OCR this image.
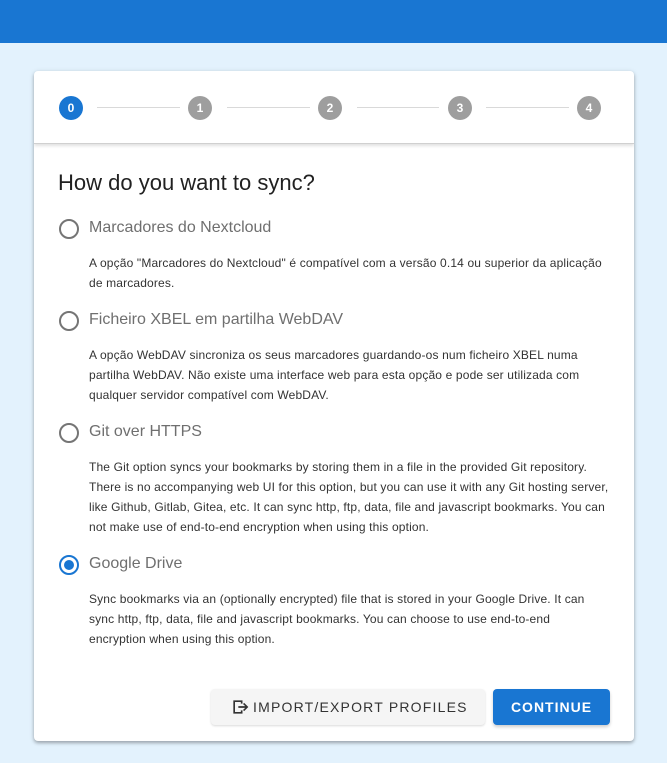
0	1	2	3	4
How do you want to sync?
Marcadores do Nextcloud
A opção "Marcadores do Nextcloud" é compatível com a versão 0.14 ou superior da aplicação de marcadores.
Ficheiro XBEL em partilha WebDAV
A opção WebDAV sincroniza os seus marcadores guardando-os num ficheiro XBEL numa partilha WebDAV. Não existe uma interface web para esta opção e pode ser utilizada com qualquer servidor compatível com WebDAV.
Git over HTTPS
The Git option syncs your bookmarks by storing them in a file in the provided Git repository. There is no accompanying web UI for this option, but you can use it with any Git hosting server, like Github, Gitlab, Gitea, etc. It can sync http, ftp, data, file and javascript bookmarks. You can not make use of end-to-end encryption when using this option.
Google Drive
Sync bookmarks via an (optionally encrypted) file that is stored in your Google Drive. It can sync http, ftp, data, file and javascript bookmarks. You can choose to use end-to-end encryption when using this option.
IMPORT/EXPORT PROFILES	CONTINUE
